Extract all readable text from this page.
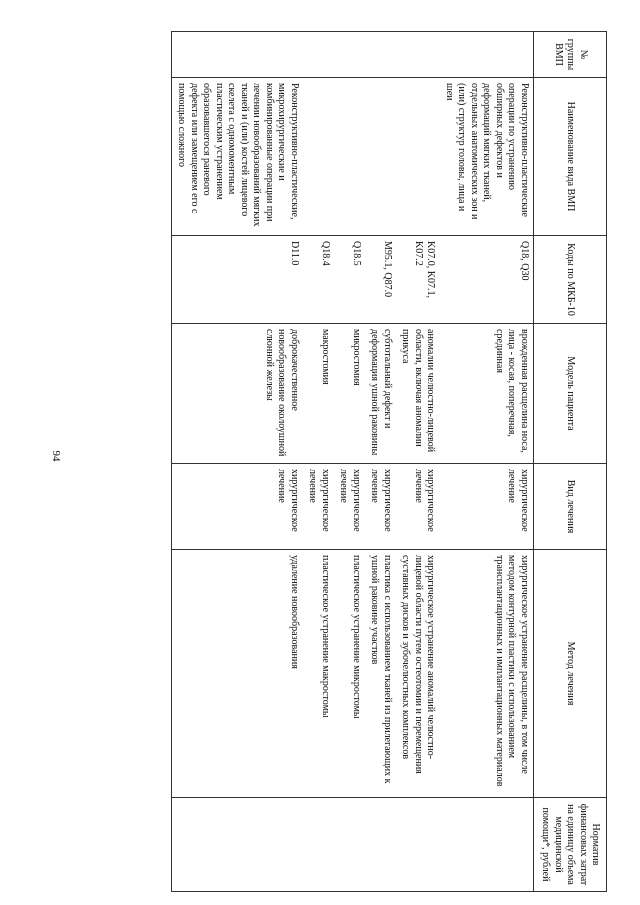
94
№ группы ВМП	Наименование вида ВМП	Коды по МКБ-10	Модель пациента	Вид лечения	Метод лечения	Норматив финансовых затрат на единицу объема медицинской помощи*, рублей
	Реконструктивно-пластические операции по устранению обширных дефектов и деформаций мягких тканей, отдельных анатомических зон и (или) структур головы, лица и шеи	Q18, Q30	врожденная расщелина носа, лица - косая, поперечная, срединная	хирургическое лечение	хирургическое устранение расщелины, в том числе методом контурной пластики с использованием трансплантационных и имплантационных материалов	
		K07.0, K07.1, K07.2	аномалии челюстно-лицевой области, включая аномалии прикуса	хирургическое лечение	хирургическое устранение аномалий челюстно-лицевой области путем остеотомии и перемещения суставных дисков и зубочелюстных комплексов	
		M95.1, Q87.0	субтотальный дефект и деформация ушной раковины	хирургическое лечение	пластика с использованием тканей из прилегающих к ушной раковине участков	
		Q18.5	микростомия	хирургическое лечение	пластическое устранение микростомы	
		Q18.4	макростомия	хирургическое лечение	пластическое устранение макростомы	
	Реконструктивно-пластические, микрохирургические и комбинированные операции при лечении новообразований мягких тканей и (или) костей лицевого скелета с одномоментным пластическим устранением образовавшегося раневого дефекта или замещением его с помощью сложного	D11.0	доброкачественное новообразование околоушной слюнной железы	хирургическое лечение	удаление новообразования	
